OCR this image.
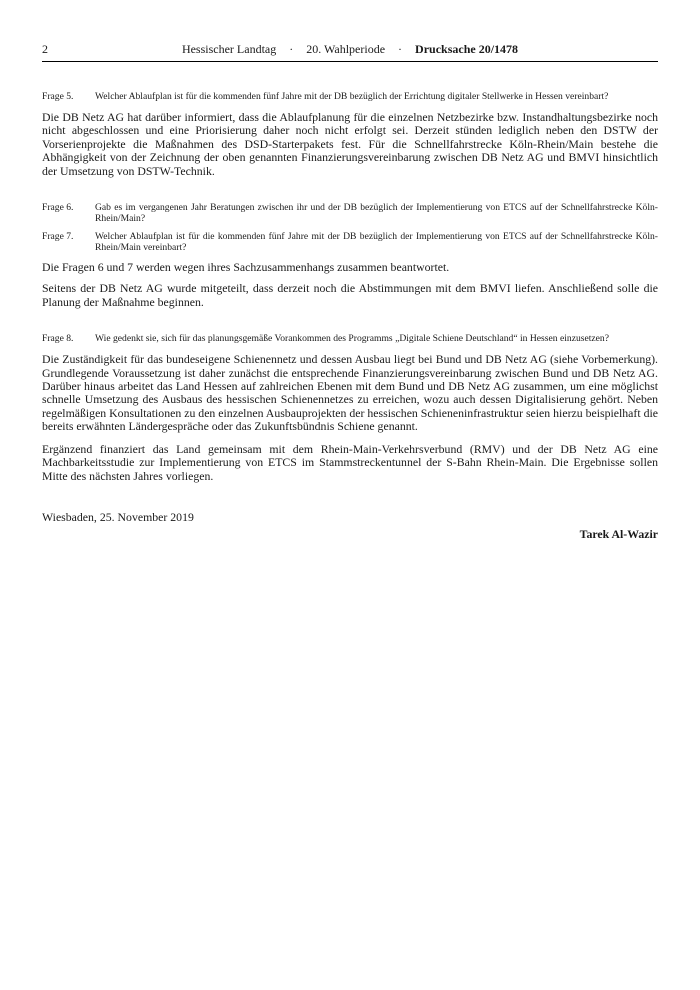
2	Hessischer Landtag · 20. Wahlperiode · Drucksache 20/1478
Frage 5.	Welcher Ablaufplan ist für die kommenden fünf Jahre mit der DB bezüglich der Errichtung digitaler Stellwerke in Hessen vereinbart?

Die DB Netz AG hat darüber informiert, dass die Ablaufplanung für die einzelnen Netzbezirke bzw. Instandhaltungsbezirke noch nicht abgeschlossen und eine Priorisierung daher noch nicht erfolgt sei. Derzeit stünden lediglich neben den DSTW der Vorserienprojekte die Maßnahmen des DSD-Starterpakets fest. Für die Schnellfahrstrecke Köln-Rhein/Main bestehe die Abhängigkeit von der Zeichnung der oben genannten Finanzierungsvereinbarung zwischen DB Netz AG und BMVI hinsichtlich der Umsetzung von DSTW-Technik.

Frage 6.	Gab es im vergangenen Jahr Beratungen zwischen ihr und der DB bezüglich der Implementierung von ETCS auf der Schnellfahrstrecke Köln-Rhein/Main?
Frage 7.	Welcher Ablaufplan ist für die kommenden fünf Jahre mit der DB bezüglich der Implementierung von ETCS auf der Schnellfahrstrecke Köln-Rhein/Main vereinbart?

Die Fragen 6 und 7 werden wegen ihres Sachzusammenhangs zusammen beantwortet.

Seitens der DB Netz AG wurde mitgeteilt, dass derzeit noch die Abstimmungen mit dem BMVI liefen. Anschließend solle die Planung der Maßnahme beginnen.

Frage 8.	Wie gedenkt sie, sich für das planungsgemäße Vorankommen des Programms „Digitale Schiene Deutschland“ in Hessen einzusetzen?

Die Zuständigkeit für das bundeseigene Schienennetz und dessen Ausbau liegt bei Bund und DB Netz AG (siehe Vorbemerkung). Grundlegende Voraussetzung ist daher zunächst die entsprechende Finanzierungsvereinbarung zwischen Bund und DB Netz AG. Darüber hinaus arbeitet das Land Hessen auf zahlreichen Ebenen mit dem Bund und DB Netz AG zusammen, um eine möglichst schnelle Umsetzung des Ausbaus des hessischen Schienennetzes zu erreichen, wozu auch dessen Digitalisierung gehört. Neben regelmäßigen Konsultationen zu den einzelnen Ausbauprojekten der hessischen Schieneninfrastruktur seien hierzu beispielhaft die bereits erwähnten Ländergespräche oder das Zukunftsbündnis Schiene genannt.

Ergänzend finanziert das Land gemeinsam mit dem Rhein-Main-Verkehrsverbund (RMV) und der DB Netz AG eine Machbarkeitsstudie zur Implementierung von ETCS im Stammstreckentunnel der S-Bahn Rhein-Main. Die Ergebnisse sollen Mitte des nächsten Jahres vorliegen.

Wiesbaden, 25. November 2019

Tarek Al-Wazir
